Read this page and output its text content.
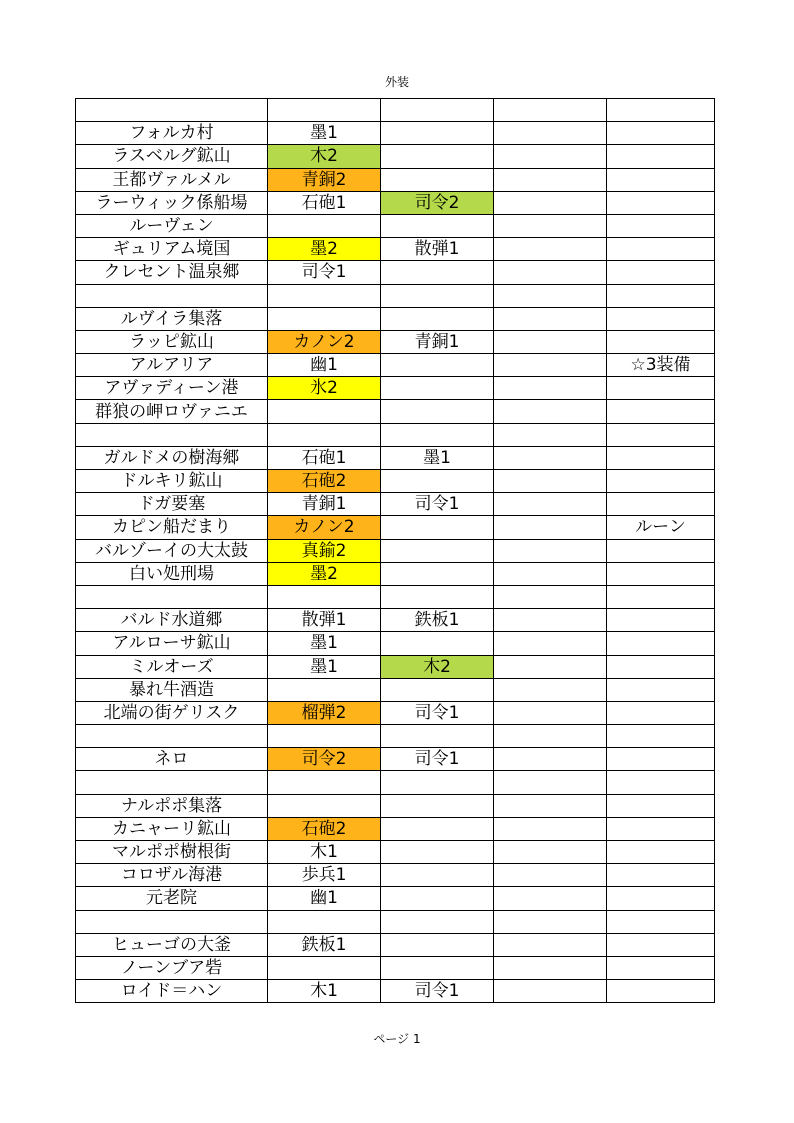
外装

フォルカ村	墨1			
ラスベルグ鉱山	木2			
王都ヴァルメル	青銅2			
ラーウィック係船場	石砲1	司令2		
ルーヴェン				
ギュリアム境国	墨2	散弾1		
クレセント温泉郷	司令1			

ルヴイラ集落				
ラッピ鉱山	カノン2	青銅1		
アルアリア	幽1			☆3装備
アヴァディーン港	氷2			
群狼の岬ロヴァニエ				

ガルドメの樹海郷	石砲1	墨1		
ドルキリ鉱山	石砲2			
ドガ要塞	青銅1	司令1		
カピン船だまり	カノン2			ルーン
バルゾーイの大太鼓	真鍮2			
白い処刑場	墨2			

バルド水道郷	散弾1	鉄板1		
アルローサ鉱山	墨1			
ミルオーズ	墨1	木2		
暴れ牛酒造				
北端の街ゲリスク	榴弾2	司令1		

ネロ	司令2	司令1		

ナルポポ集落				
カニャーリ鉱山	石砲2			
マルポポ樹根街	木1			
コロザル海港	歩兵1			
元老院	幽1			

ヒューゴの大釜	鉄板1			
ノーンブア砦				
ロイド＝ハン	木1	司令1		
ページ 1
